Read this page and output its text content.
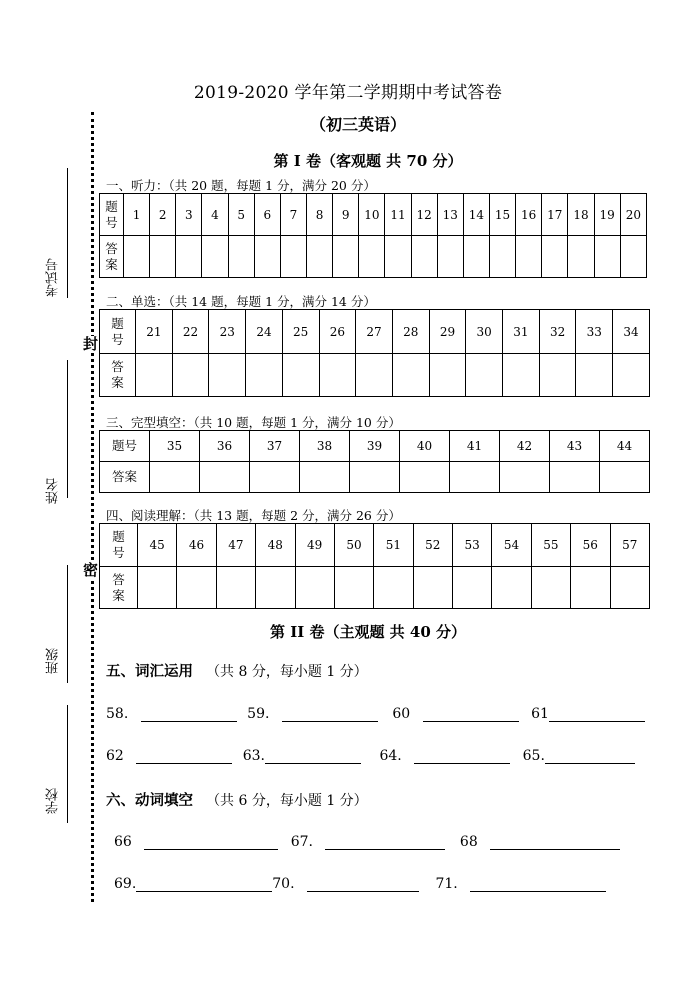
2019-2020 学年第二学期期中考试答卷
（初三英语）
考试号
姓名
班级
学校
封
密
第 I 卷（客观题 共 70 分）
一、听力：（共 20 题，每题 1 分，满分 20 分）
题
号	1	2	3	4	5	6	7	8	9	10	11	12	13	14	15	16	17	18	19	20

答
案																				

二、单选：（共 14 题，每题 1 分，满分 14 分）
题
号	21	22	23	24	25	26	27	28	29	30	31	32	33	34

答
案														

三、完型填空：（共 10 题，每题 1 分，满分 10 分）
题号	35	36	37	38	39	40	41	42	43	44
答案										
四、阅读理解：（共 13 题，每题 2 分，满分 26 分）
题
号	45	46	47	48	49	50	51	52	53	54	55	56	57

答
案													

第 II 卷（主观题 共 40 分）
五、词汇运用 （共 8 分，每小题 1 分）
58.	59.	60	61
62	63.	64.	65.
六、动词填空 （共 6 分，每小题 1 分）
66	67.	68
69.	70.	71.
